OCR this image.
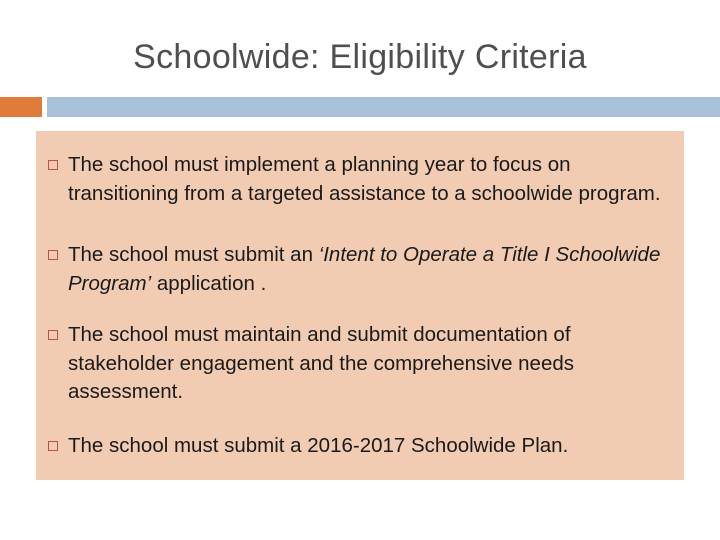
Schoolwide: Eligibility Criteria
The school must implement a planning year to focus on transitioning from a targeted assistance to a schoolwide program.
The school must submit an ‘Intent to Operate a Title I Schoolwide Program’ application .
The school must maintain and submit documentation of stakeholder engagement and the comprehensive needs assessment.
The school must submit a 2016-2017 Schoolwide Plan.
